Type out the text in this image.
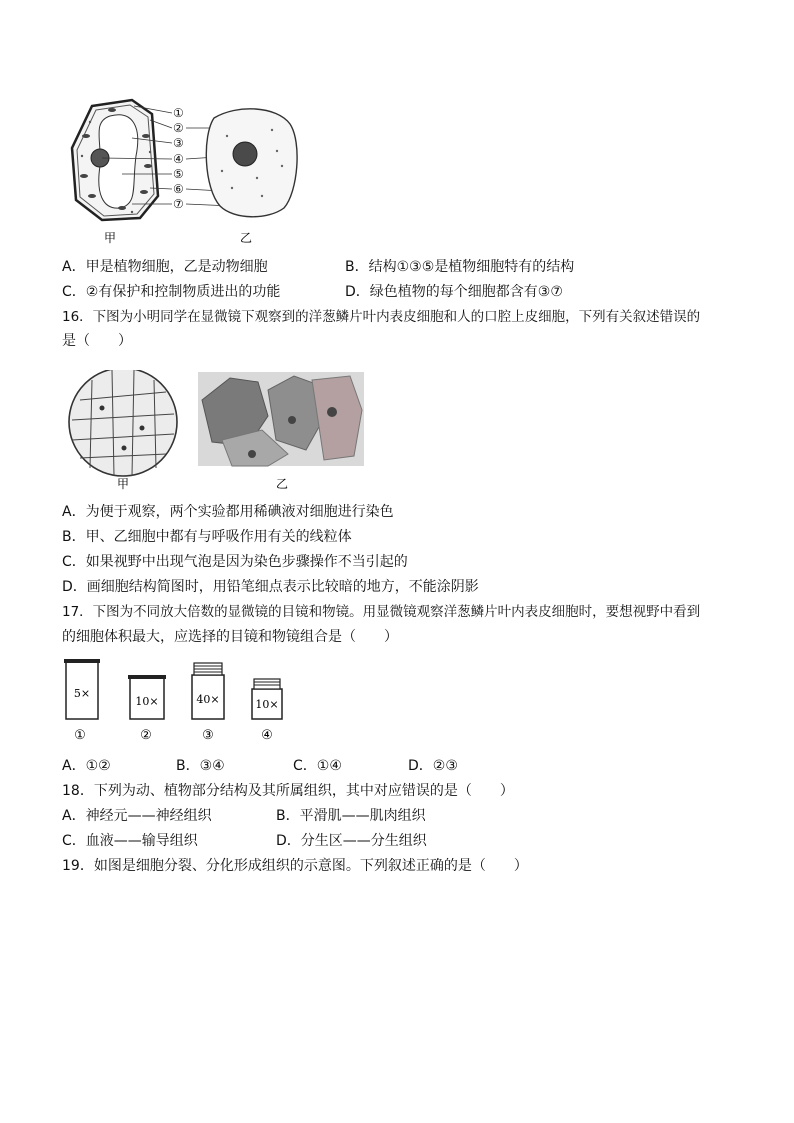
①
②
③
④
⑤
⑥
⑦
甲	乙
A．甲是植物细胞，乙是动物细胞	B．结构①③⑤是植物细胞特有的结构
C．②有保护和控制物质进出的功能	D．绿色植物的每个细胞都含有③⑦
16．下图为小明同学在显微镜下观察到的洋葱鳞片叶内表皮细胞和人的口腔上皮细胞，下列有关叙述错误的
是（　　）
甲	乙
A．为便于观察，两个实验都用稀碘液对细胞进行染色
B．甲、乙细胞中都有与呼吸作用有关的线粒体
C．如果视野中出现气泡是因为染色步骤操作不当引起的
D．画细胞结构简图时，用铅笔细点表示比较暗的地方，不能涂阴影
17．下图为不同放大倍数的显微镜的目镜和物镜。用显微镜观察洋葱鳞片叶内表皮细胞时，要想视野中看到
的细胞体积最大，应选择的目镜和物镜组合是（　　）
5×
①
10×
②
40×
③
10×
④
A．①②	B．③④	C．①④	D．②③
18．下列为动、植物部分结构及其所属组织，其中对应错误的是（　　）
A．神经元——神经组织	B．平滑肌——肌肉组织
C．血液——输导组织	D．分生区——分生组织
19．如图是细胞分裂、分化形成组织的示意图。下列叙述正确的是（　　）
